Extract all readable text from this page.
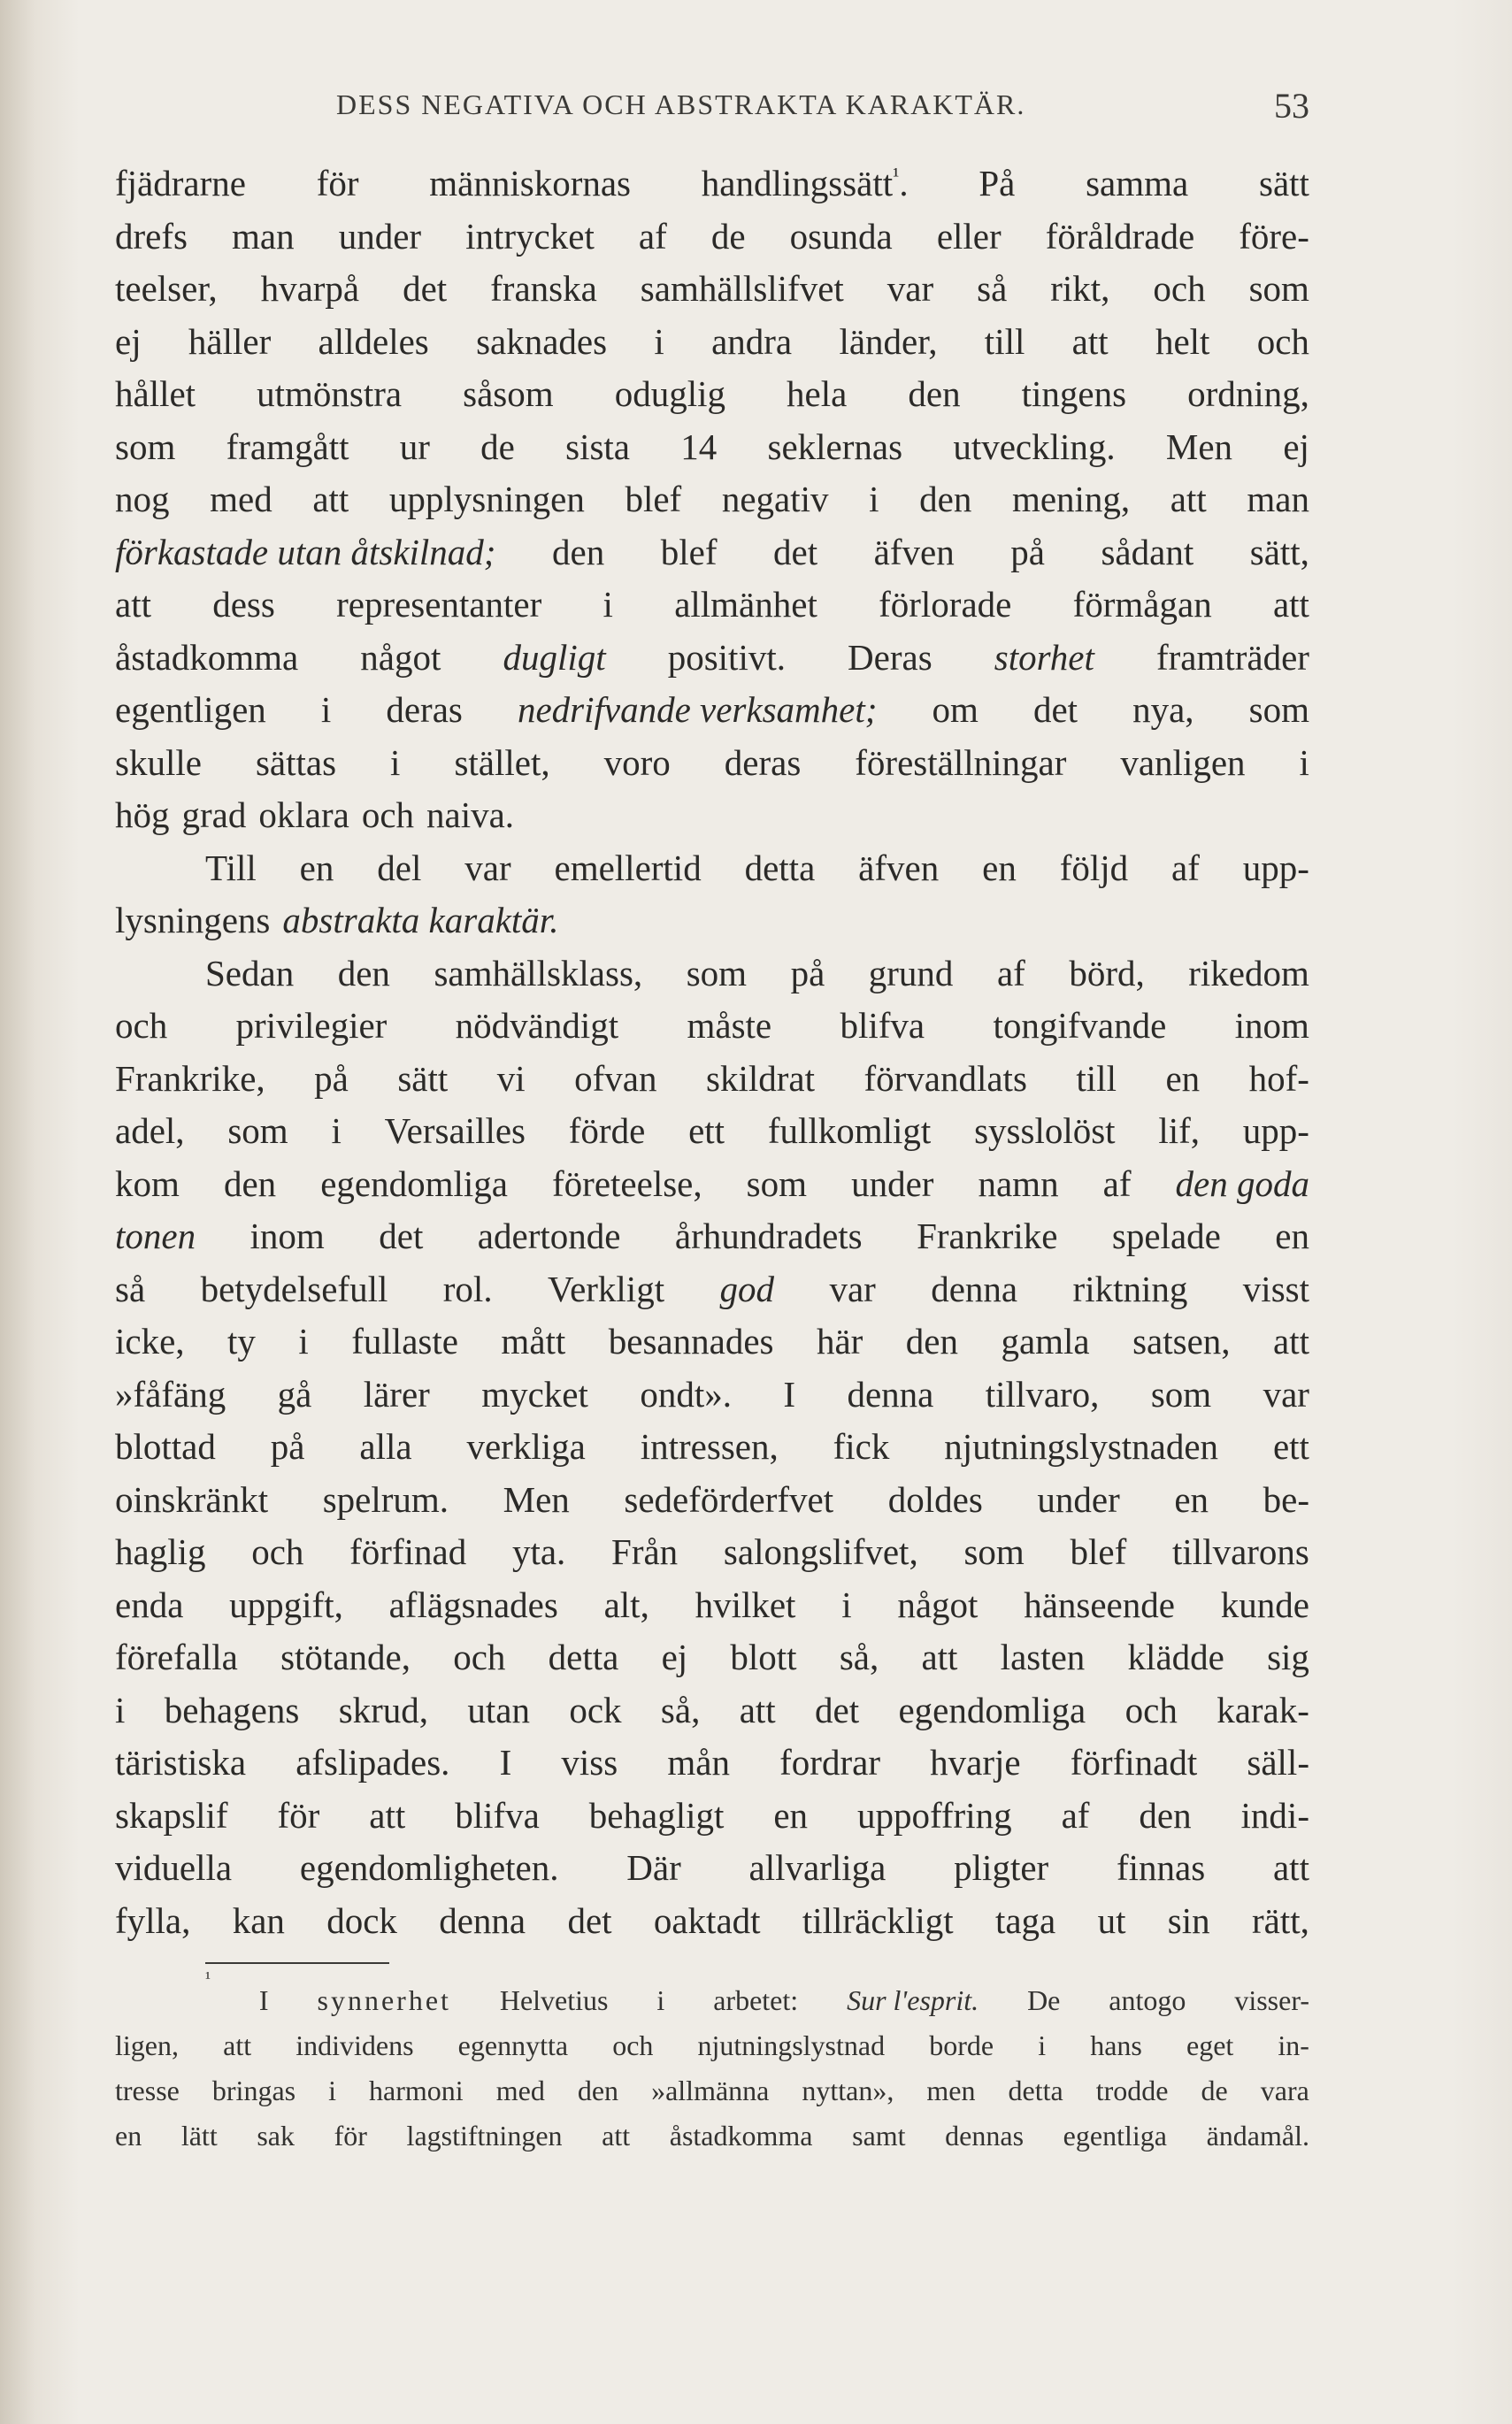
DESS NEGATIVA OCH ABSTRAKTA KARAKTÄR.	53
fjädrarne för människornas handlingssätt¹. På samma sätt
drefs man under intrycket af de osunda eller föråldrade före-
teelser, hvarpå det franska samhällslifvet var så rikt, och som
ej häller alldeles saknades i andra länder, till att helt och
hållet utmönstra såsom oduglig hela den tingens ordning,
som framgått ur de sista 14 seklernas utveckling. Men ej
nog med att upplysningen blef negativ i den mening, att man
förkastade utan åtskilnad; den blef det äfven på sådant sätt,
att dess representanter i allmänhet förlorade förmågan att
åstadkomma något dugligt positivt. Deras storhet framträder
egentligen i deras nedrifvande verksamhet; om det nya, som
skulle sättas i stället, voro deras föreställningar vanligen i
hög grad oklara och naiva.
Till en del var emellertid detta äfven en följd af upp-
lysningens abstrakta karaktär.
Sedan den samhällsklass, som på grund af börd, rikedom
och privilegier nödvändigt måste blifva tongifvande inom
Frankrike, på sätt vi ofvan skildrat förvandlats till en hof-
adel, som i Versailles förde ett fullkomligt sysslolöst lif, upp-
kom den egendomliga företeelse, som under namn af den goda
tonen inom det adertonde århundradets Frankrike spelade en
så betydelsefull rol. Verkligt god var denna riktning visst
icke, ty i fullaste mått besannades här den gamla satsen, att
»fåfäng gå lärer mycket ondt». I denna tillvaro, som var
blottad på alla verkliga intressen, fick njutningslystnaden ett
oinskränkt spelrum. Men sedeförderfvet doldes under en be-
haglig och förfinad yta. Från salongslifvet, som blef tillvarons
enda uppgift, aflägsnades alt, hvilket i något hänseende kunde
förefalla stötande, och detta ej blott så, att lasten klädde sig
i behagens skrud, utan ock så, att det egendomliga och karak-
täristiska afslipades. I viss mån fordrar hvarje förfinadt säll-
skapslif för att blifva behagligt en uppoffring af den indi-
viduella egendomligheten. Där allvarliga pligter finnas att
fylla, kan dock denna det oaktadt tillräckligt taga ut sin rätt,
¹
I synnerhet Helvetius i arbetet: Sur l'esprit. De antogo visser-
ligen, att individens egennytta och njutningslystnad borde i hans eget in-
tresse bringas i harmoni med den »allmänna nyttan», men detta trodde de vara
en lätt sak för lagstiftningen att åstadkomma samt dennas egentliga ändamål.
